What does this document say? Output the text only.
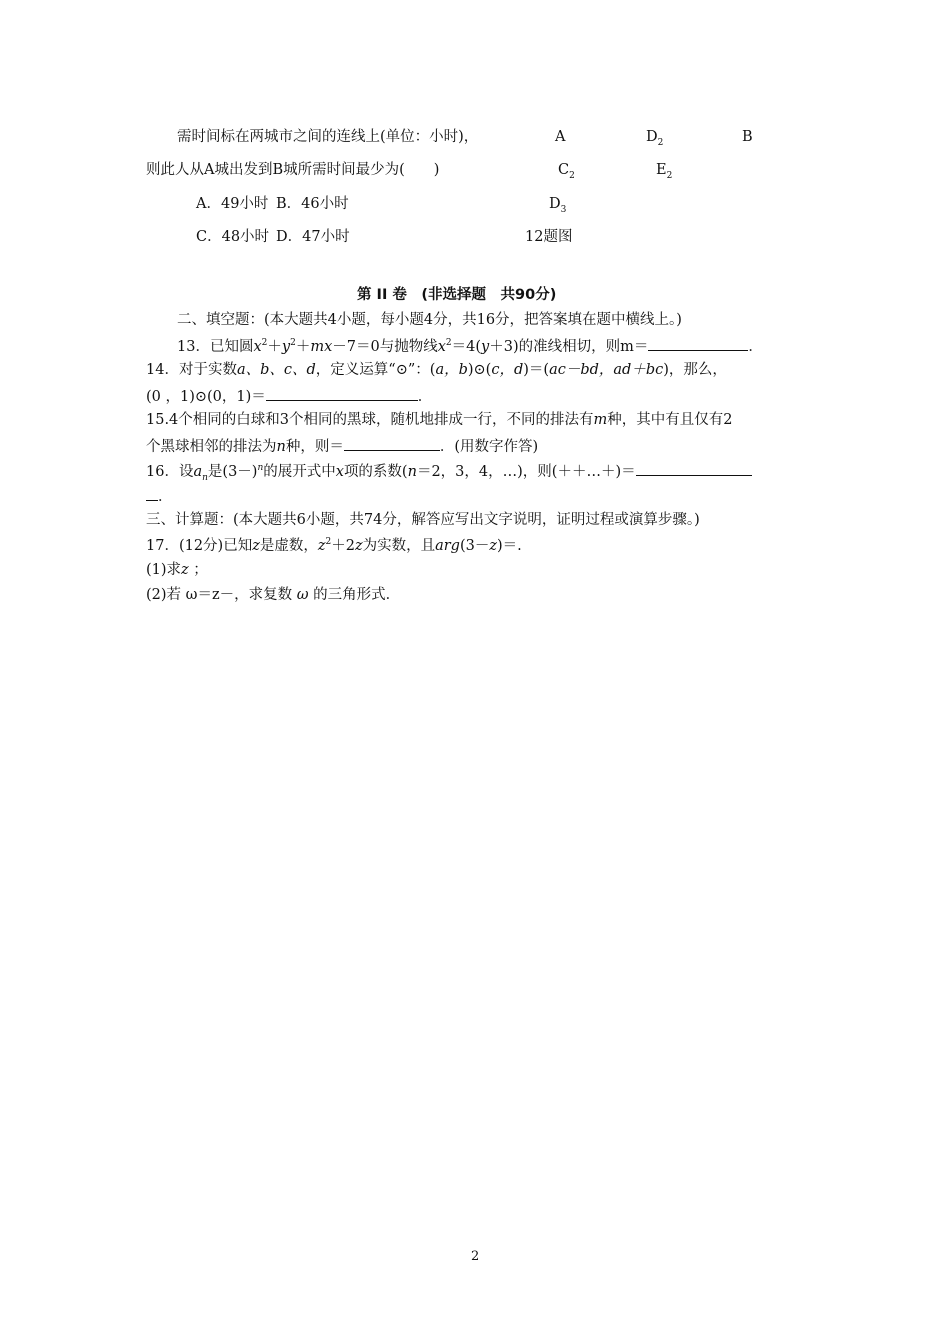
需时间标在两城市之间的连线上(单位：小时)，
则此人从A城出发到B城所需时间最少为(　　)
A．49小时 B．46小时
C．48小时 D．47小时
A	$D_2$	B
$C_2$	$E_2$
$D_3$
12题图
第 II 卷　(非选择题　共90分)
二、填空题：(本大题共4小题，每小题4分，共16分，把答案填在题中横线上。)
13．已知圆$x^2+y^2+mx-7=0$与抛物线$x^2=4(y+3)$的准线相切，则m＝	．
14．对于实数a、b、c、d，定义运算“⊙”：(a，b)⊙(c，d)＝(ac－bd，ad＋bc)，那么，
(0 ，1)⊙(0，1)＝	．
15.4个相同的白球和3个相同的黑球，随机地排成一行，不同的排法有m种，其中有且仅有2
个黑球相邻的排法为n种，则＝	．(用数字作答)
16．设$a_n$是$(3-)^n$的展开式中x项的系数(n＝2，3，4，…)，则(＋＋…＋)＝
．
三、计算题：(本大题共6小题，共74分，解答应写出文字说明，证明过程或演算步骤。)
17．(12分)已知z是虚数，$z^2+2z$为实数，且arg(3－z)＝.
(1)求z ；
(2)若 ω＝z－，求复数 ω 的三角形式．
2
